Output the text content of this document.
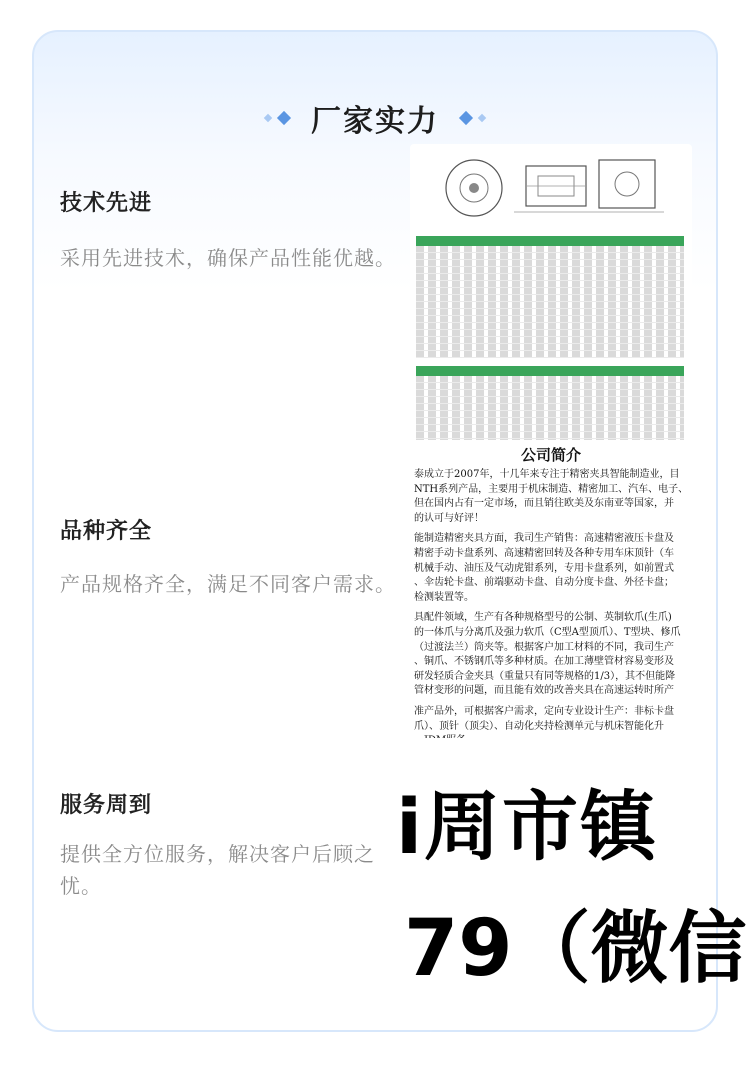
厂家实力
技术先进
采用先进技术，确保产品性能优越。
品种齐全
产品规格齐全，满足不同客户需求。
服务周到
提供全方位服务，解决客户后顾之忧。
公司简介
泰成立于2007年，十几年来专注于精密夹具智能制造业，目
NTH系列产品，主要用于机床制造、精密加工、汽车、电子、
但在国内占有一定市场，而且销往欧美及东南亚等国家，并
的认可与好评！
能制造精密夹具方面，我司生产销售：高速精密液压卡盘及
精密手动卡盘系列、高速精密回转及各种专用车床顶针（车
机械手动、油压及气动虎钳系列，专用卡盘系列，如前置式
、伞齿轮卡盘、前端驱动卡盘、自动分度卡盘、外径卡盘；
检测装置等。
具配件领域，生产有各种规格型号的公制、英制软爪(生爪)
的一体爪与分离爪及强力软爪（C型A型顶爪）、T型块、修爪
（过渡法兰）筒夹等。根据客户加工材料的不同，我司生产
、铜爪、不锈钢爪等多种材质。在加工薄壁管材容易变形及
研发轻质合金夹具（重量只有同等规格的1/3），其不但能降
管材变形的问题，而且能有效的改善夹具在高速运转时所产
准产品外，可根据客户需求，定向专业设计生产：非标卡盘
爪）、顶针（顶尖）、自动化夹持检测单元与机床智能化升
i周市镇
79（微信
